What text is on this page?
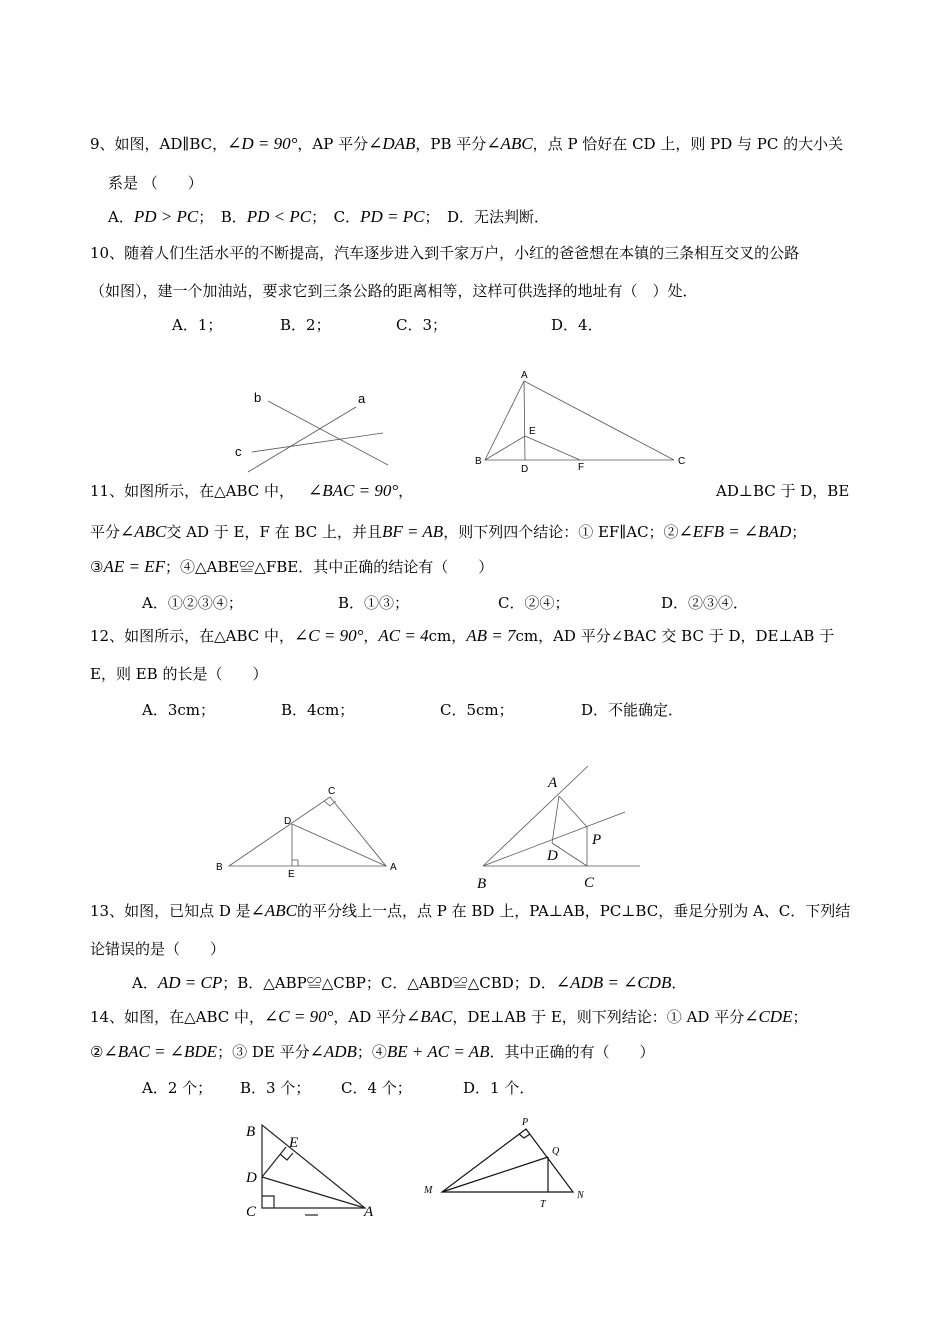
9、如图，AD∥BC，∠D = 90°，AP 平分∠DAB，PB 平分∠ABC，点 P 恰好在 CD 上，则 PD 与 PC 的大小关
系是 （　　）
A．PD > PC；　B．PD < PC；　C．PD = PC；　D．无法判断．
10、随着人们生活水平的不断提高，汽车逐步进入到千家万户，小红的爸爸想在本镇的三条相互交叉的公路
（如图），建一个加油站，要求它到三条公路的距离相等，这样可供选择的地址有（　）处．
A．1；	B．2；	C．3；	D．4．
b	a
c
A
B	C
D
E
F
11、如图所示，在△ABC 中， ∠BAC = 90°，	AD⊥BC 于 D，BE
平分∠ABC交 AD 于 E，F 在 BC 上，并且BF = AB，则下列四个结论：① EF∥AC；②∠EFB = ∠BAD；
③AE = EF；④△ABE≌△FBE．其中正确的结论有（　　）
A．①②③④；	B．①③；	C．②④；	D．②③④．
12、如图所示，在△ABC 中，∠C = 90°，AC = 4cm，AB = 7cm，AD 平分∠BAC 交 BC 于 D，DE⊥AB 于
E，则 EB 的长是（　　）
A．3cm；	B．4cm；	C．5cm；	D．不能确定．
C
D
B	A
E
A
P
D
B	C
13、如图，已知点 D 是∠ABC的平分线上一点，点 P 在 BD 上，PA⊥AB，PC⊥BC，垂足分别为 A、C．下列结
论错误的是（　　）
A．AD = CP；B．△ABP≌△CBP；C．△ABD≌△CBD；D．∠ADB = ∠CDB．
14、如图，在△ABC 中，∠C = 90°，AD 平分∠BAC，DE⊥AB 于 E，则下列结论：① AD 平分∠CDE；
②∠BAC = ∠BDE；③ DE 平分∠ADB；④BE + AC = AB．其中正确的有（　　）
A．2 个； B．3 个； C．4 个；	D．1 个．
B
E
D
C	A
P
Q
M	N
T
